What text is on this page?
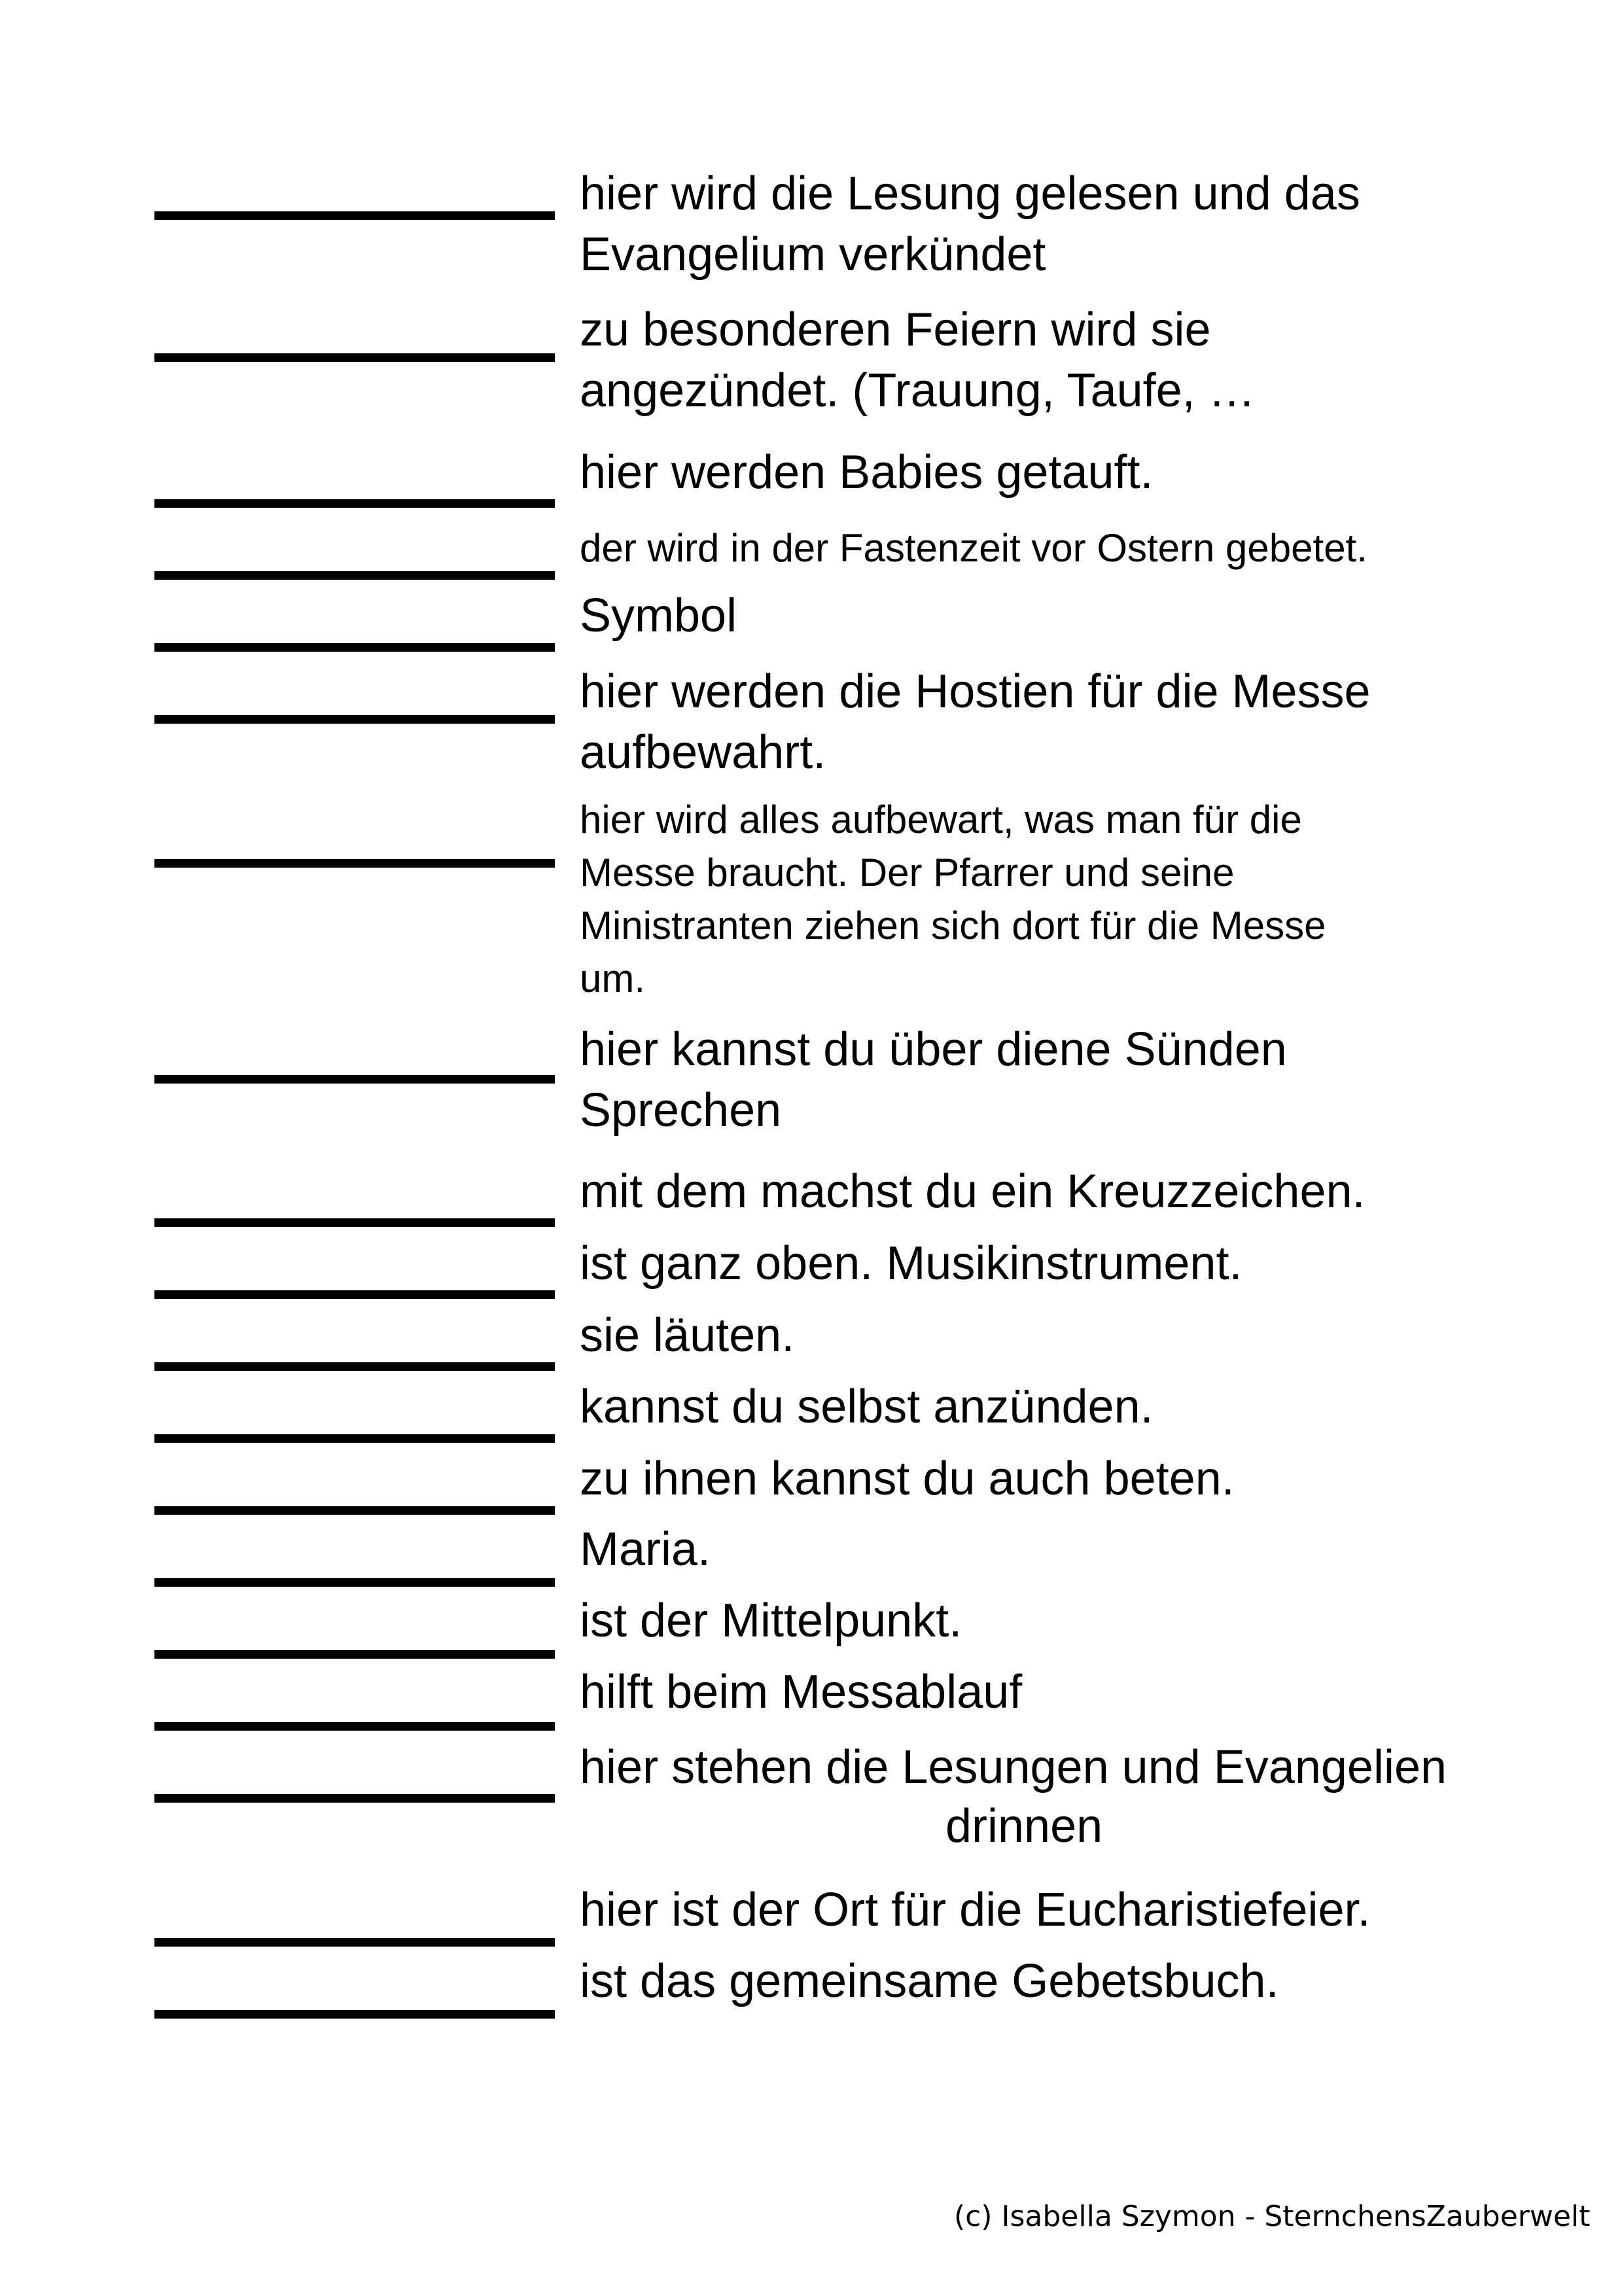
hier wird die Lesung gelesen und das
Evangelium verkündet

zu besonderen Feiern wird sie
angezündet. (Trauung, Taufe, …

hier werden Babies getauft.

der wird in der Fastenzeit vor Ostern gebetet.

Symbol

hier werden die Hostien für die Messe
aufbewahrt.

hier wird alles aufbewart, was man für die
Messe braucht. Der Pfarrer und seine
Ministranten ziehen sich dort für die Messe
um.

hier kannst du über diene Sünden
Sprechen

mit dem machst du ein Kreuzzeichen.

ist ganz oben. Musikinstrument.

sie läuten.

kannst du selbst anzünden.

zu ihnen kannst du auch beten.

Maria.

ist der Mittelpunkt.

hilft beim Messablauf

hier stehen die Lesungen und Evangelien

drinnen

hier ist der Ort für die Eucharistiefeier.

ist das gemeinsame Gebetsbuch.

(c) Isabella Szymon - SternchensZauberwelt
